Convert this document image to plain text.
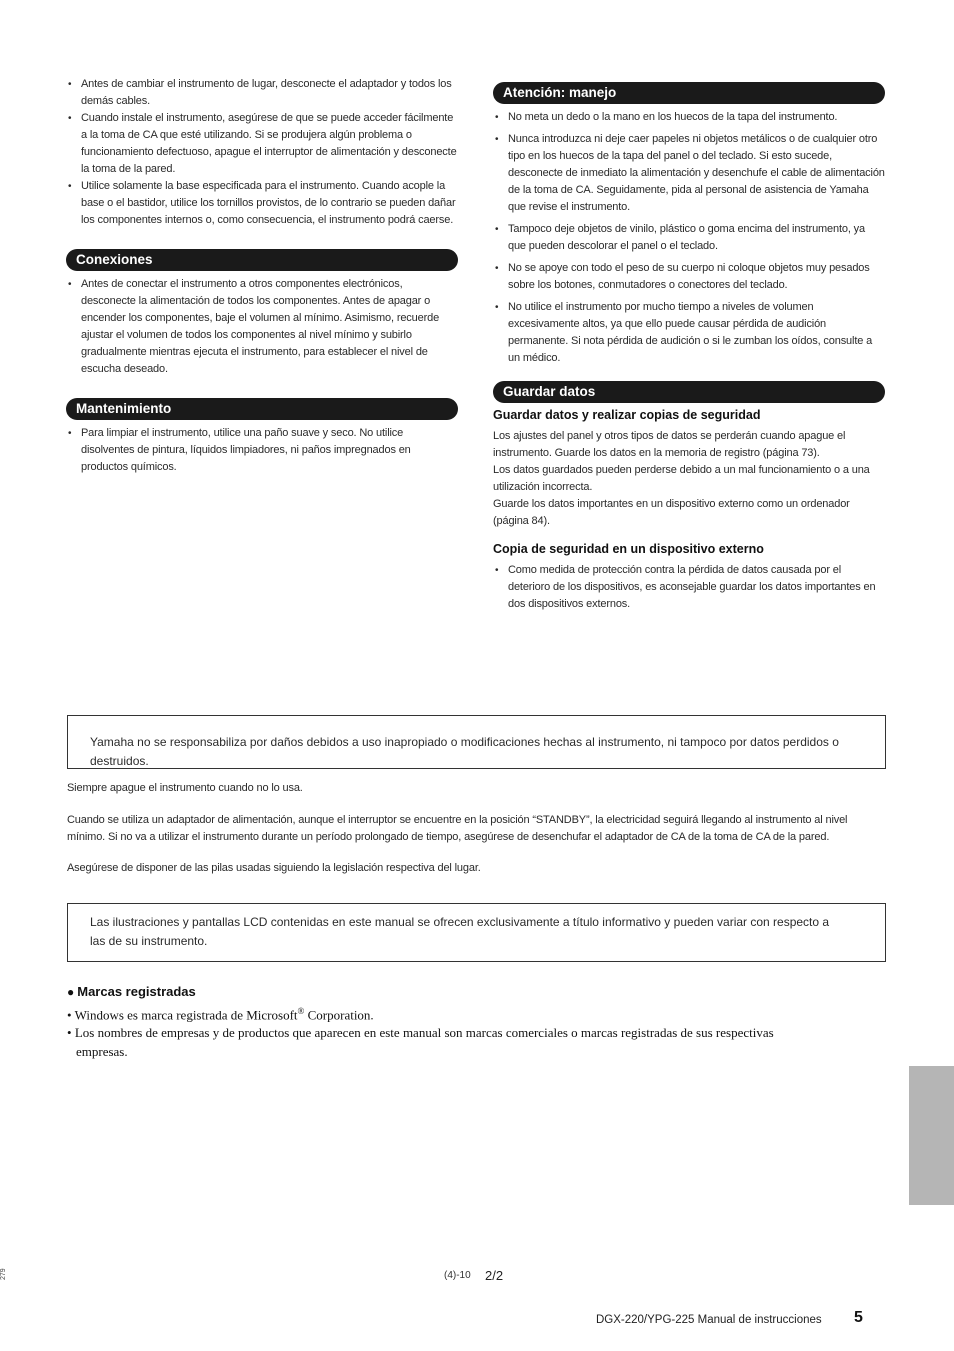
• Antes de cambiar el instrumento de lugar, desconecte el adaptador y todos los demás cables.
• Cuando instale el instrumento, asegúrese de que se puede acceder fácilmente a la toma de CA que esté utilizando. Si se produjera algún problema o funcionamiento defectuoso, apague el interruptor de alimentación y desconecte la toma de la pared.
• Utilice solamente la base especificada para el instrumento. Cuando acople la base o el bastidor, utilice los tornillos provistos, de lo contrario se pueden dañar los componentes internos o, como consecuencia, el instrumento podrá caerse.
Conexiones
• Antes de conectar el instrumento a otros componentes electrónicos, desconecte la alimentación de todos los componentes. Antes de apagar o encender los componentes, baje el volumen al mínimo. Asimismo, recuerde ajustar el volumen de todos los componentes al nivel mínimo y subirlo gradualmente mientras ejecuta el instrumento, para establecer el nivel de escucha deseado.
Mantenimiento
• Para limpiar el instrumento, utilice una paño suave y seco. No utilice disolventes de pintura, líquidos limpiadores, ni paños impregnados en productos químicos.
Atención: manejo
• No meta un dedo o la mano en los huecos de la tapa del instrumento.
• Nunca introduzca ni deje caer papeles ni objetos metálicos o de cualquier otro tipo en los huecos de la tapa del panel o del teclado. Si esto sucede, desconecte de inmediato la alimentación y desenchufe el cable de alimentación de la toma de CA. Seguidamente, pida al personal de asistencia de Yamaha que revise el instrumento.
• Tampoco deje objetos de vinilo, plástico o goma encima del instrumento, ya que pueden descolorar el panel o el teclado.
• No se apoye con todo el peso de su cuerpo ni coloque objetos muy pesados sobre los botones, conmutadores o conectores del teclado.
• No utilice el instrumento por mucho tiempo a niveles de volumen excesivamente altos, ya que ello puede causar pérdida de audición permanente. Si nota pérdida de audición o si le zumban los oídos, consulte a un médico.
Guardar datos
Guardar datos y realizar copias de seguridad
Los ajustes del panel y otros tipos de datos se perderán cuando apague el instrumento. Guarde los datos en la memoria de registro (página 73).
Los datos guardados pueden perderse debido a un mal funcionamiento o a una utilización incorrecta.
Guarde los datos importantes en un dispositivo externo como un ordenador (página 84).
Copia de seguridad en un dispositivo externo
• Como medida de protección contra la pérdida de datos causada por el deterioro de los dispositivos, es aconsejable guardar los datos importantes en dos dispositivos externos.
Yamaha no se responsabiliza por daños debidos a uso inapropiado o modificaciones hechas al instrumento, ni tampoco por datos perdidos o destruidos.
Siempre apague el instrumento cuando no lo usa.
Cuando se utiliza un adaptador de alimentación, aunque el interruptor se encuentre en la posición “STANDBY”, la electricidad seguirá llegando al instrumento al nivel mínimo. Si no va a utilizar el instrumento durante un período prolongado de tiempo, asegúrese de desenchufar el adaptador de CA de la toma de CA de la pared.
Asegúrese de disponer de las pilas usadas siguiendo la legislación respectiva del lugar.
Las ilustraciones y pantallas LCD contenidas en este manual se ofrecen exclusivamente a título informativo y pueden variar con respecto a las de su instrumento.
● Marcas registradas
• Windows es marca registrada de Microsoft® Corporation.
• Los nombres de empresas y de productos que aparecen en este manual son marcas comerciales o marcas registradas de sus respectivas empresas.
(4)-10 2/2
279
DGX-220/YPG-225 Manual de instrucciones 5
